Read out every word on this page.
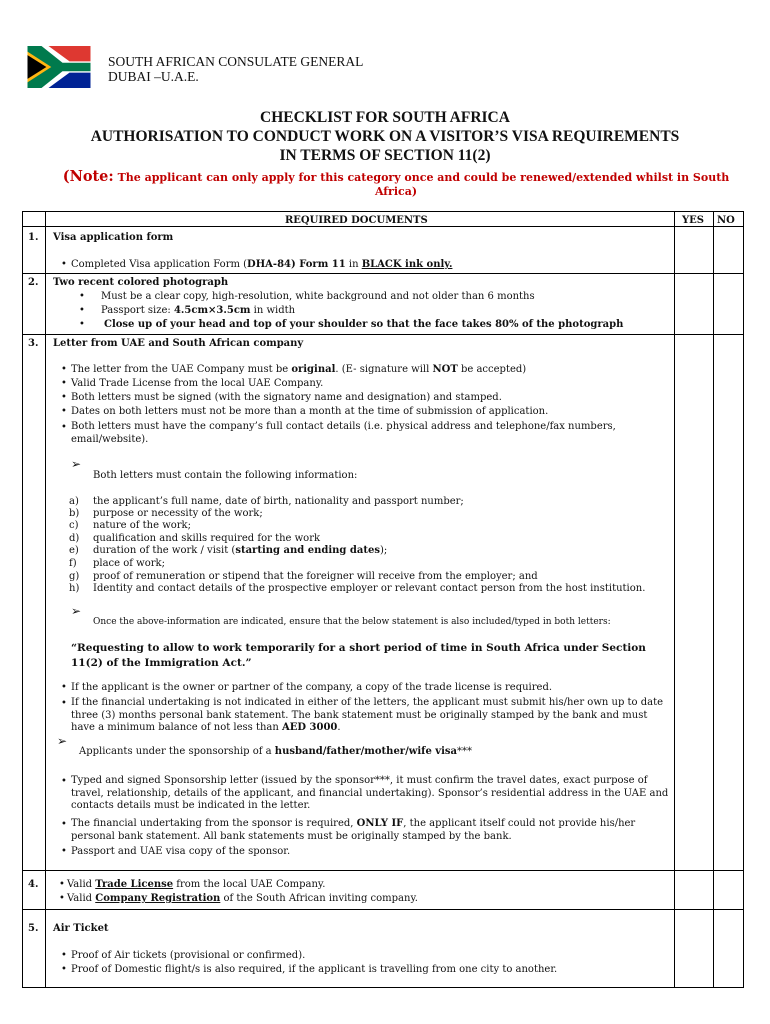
SOUTH AFRICAN CONSULATE GENERAL
DUBAI –U.A.E.
CHECKLIST FOR SOUTH AFRICA
AUTHORISATION TO CONDUCT WORK ON A VISITOR’S VISA REQUIREMENTS
IN TERMS OF SECTION 11(2)
(Note: The applicant can only apply for this category once and could be renewed/extended whilst in South Africa)
REQUIRED DOCUMENTS	YES NO
1. Visa application form
• Completed Visa application Form (DHA-84) Form 11 in BLACK ink only.
2. Two recent colored photograph
• Must be a clear copy, high-resolution, white background and not older than 6 months
• Passport size: 4.5cm×3.5cm in width
• Close up of your head and top of your shoulder so that the face takes 80% of the photograph
3. Letter from UAE and South African company
• The letter from the UAE Company must be original. (E- signature will NOT be accepted)
• Valid Trade License from the local UAE Company.
• Both letters must be signed (with the signatory name and designation) and stamped.
• Dates on both letters must not be more than a month at the time of submission of application.
• Both letters must have the company’s full contact details (i.e. physical address and telephone/fax numbers, email/website).
➢
Both letters must contain the following information:
a) the applicant’s full name, date of birth, nationality and passport number;
b) purpose or necessity of the work;
c) nature of the work;
d) qualification and skills required for the work
e) duration of the work / visit (starting and ending dates);
f) place of work;
g) proof of remuneration or stipend that the foreigner will receive from the employer; and
h) Identity and contact details of the prospective employer or relevant contact person from the host institution.
➢
Once the above-information are indicated, ensure that the below statement is also included/typed in both letters:
“Requesting to allow to work temporarily for a short period of time in South Africa under Section 11(2) of the Immigration Act.”
• If the applicant is the owner or partner of the company, a copy of the trade license is required.
• If the financial undertaking is not indicated in either of the letters, the applicant must submit his/her own up to date three (3) months personal bank statement. The bank statement must be originally stamped by the bank and must have a minimum balance of not less than AED 3000.
➢
Applicants under the sponsorship of a husband/father/mother/wife visa***
• Typed and signed Sponsorship letter (issued by the sponsor***, it must confirm the travel dates, exact purpose of travel, relationship, details of the applicant, and financial undertaking). Sponsor’s residential address in the UAE and contacts details must be indicated in the letter.
• The financial undertaking from the sponsor is required, ONLY IF, the applicant itself could not provide his/her personal bank statement. All bank statements must be originally stamped by the bank.
• Passport and UAE visa copy of the sponsor.
4. • Valid Trade License from the local UAE Company.
• Valid Company Registration of the South African inviting company.
5. Air Ticket
• Proof of Air tickets (provisional or confirmed).
• Proof of Domestic flight/s is also required, if the applicant is travelling from one city to another.
